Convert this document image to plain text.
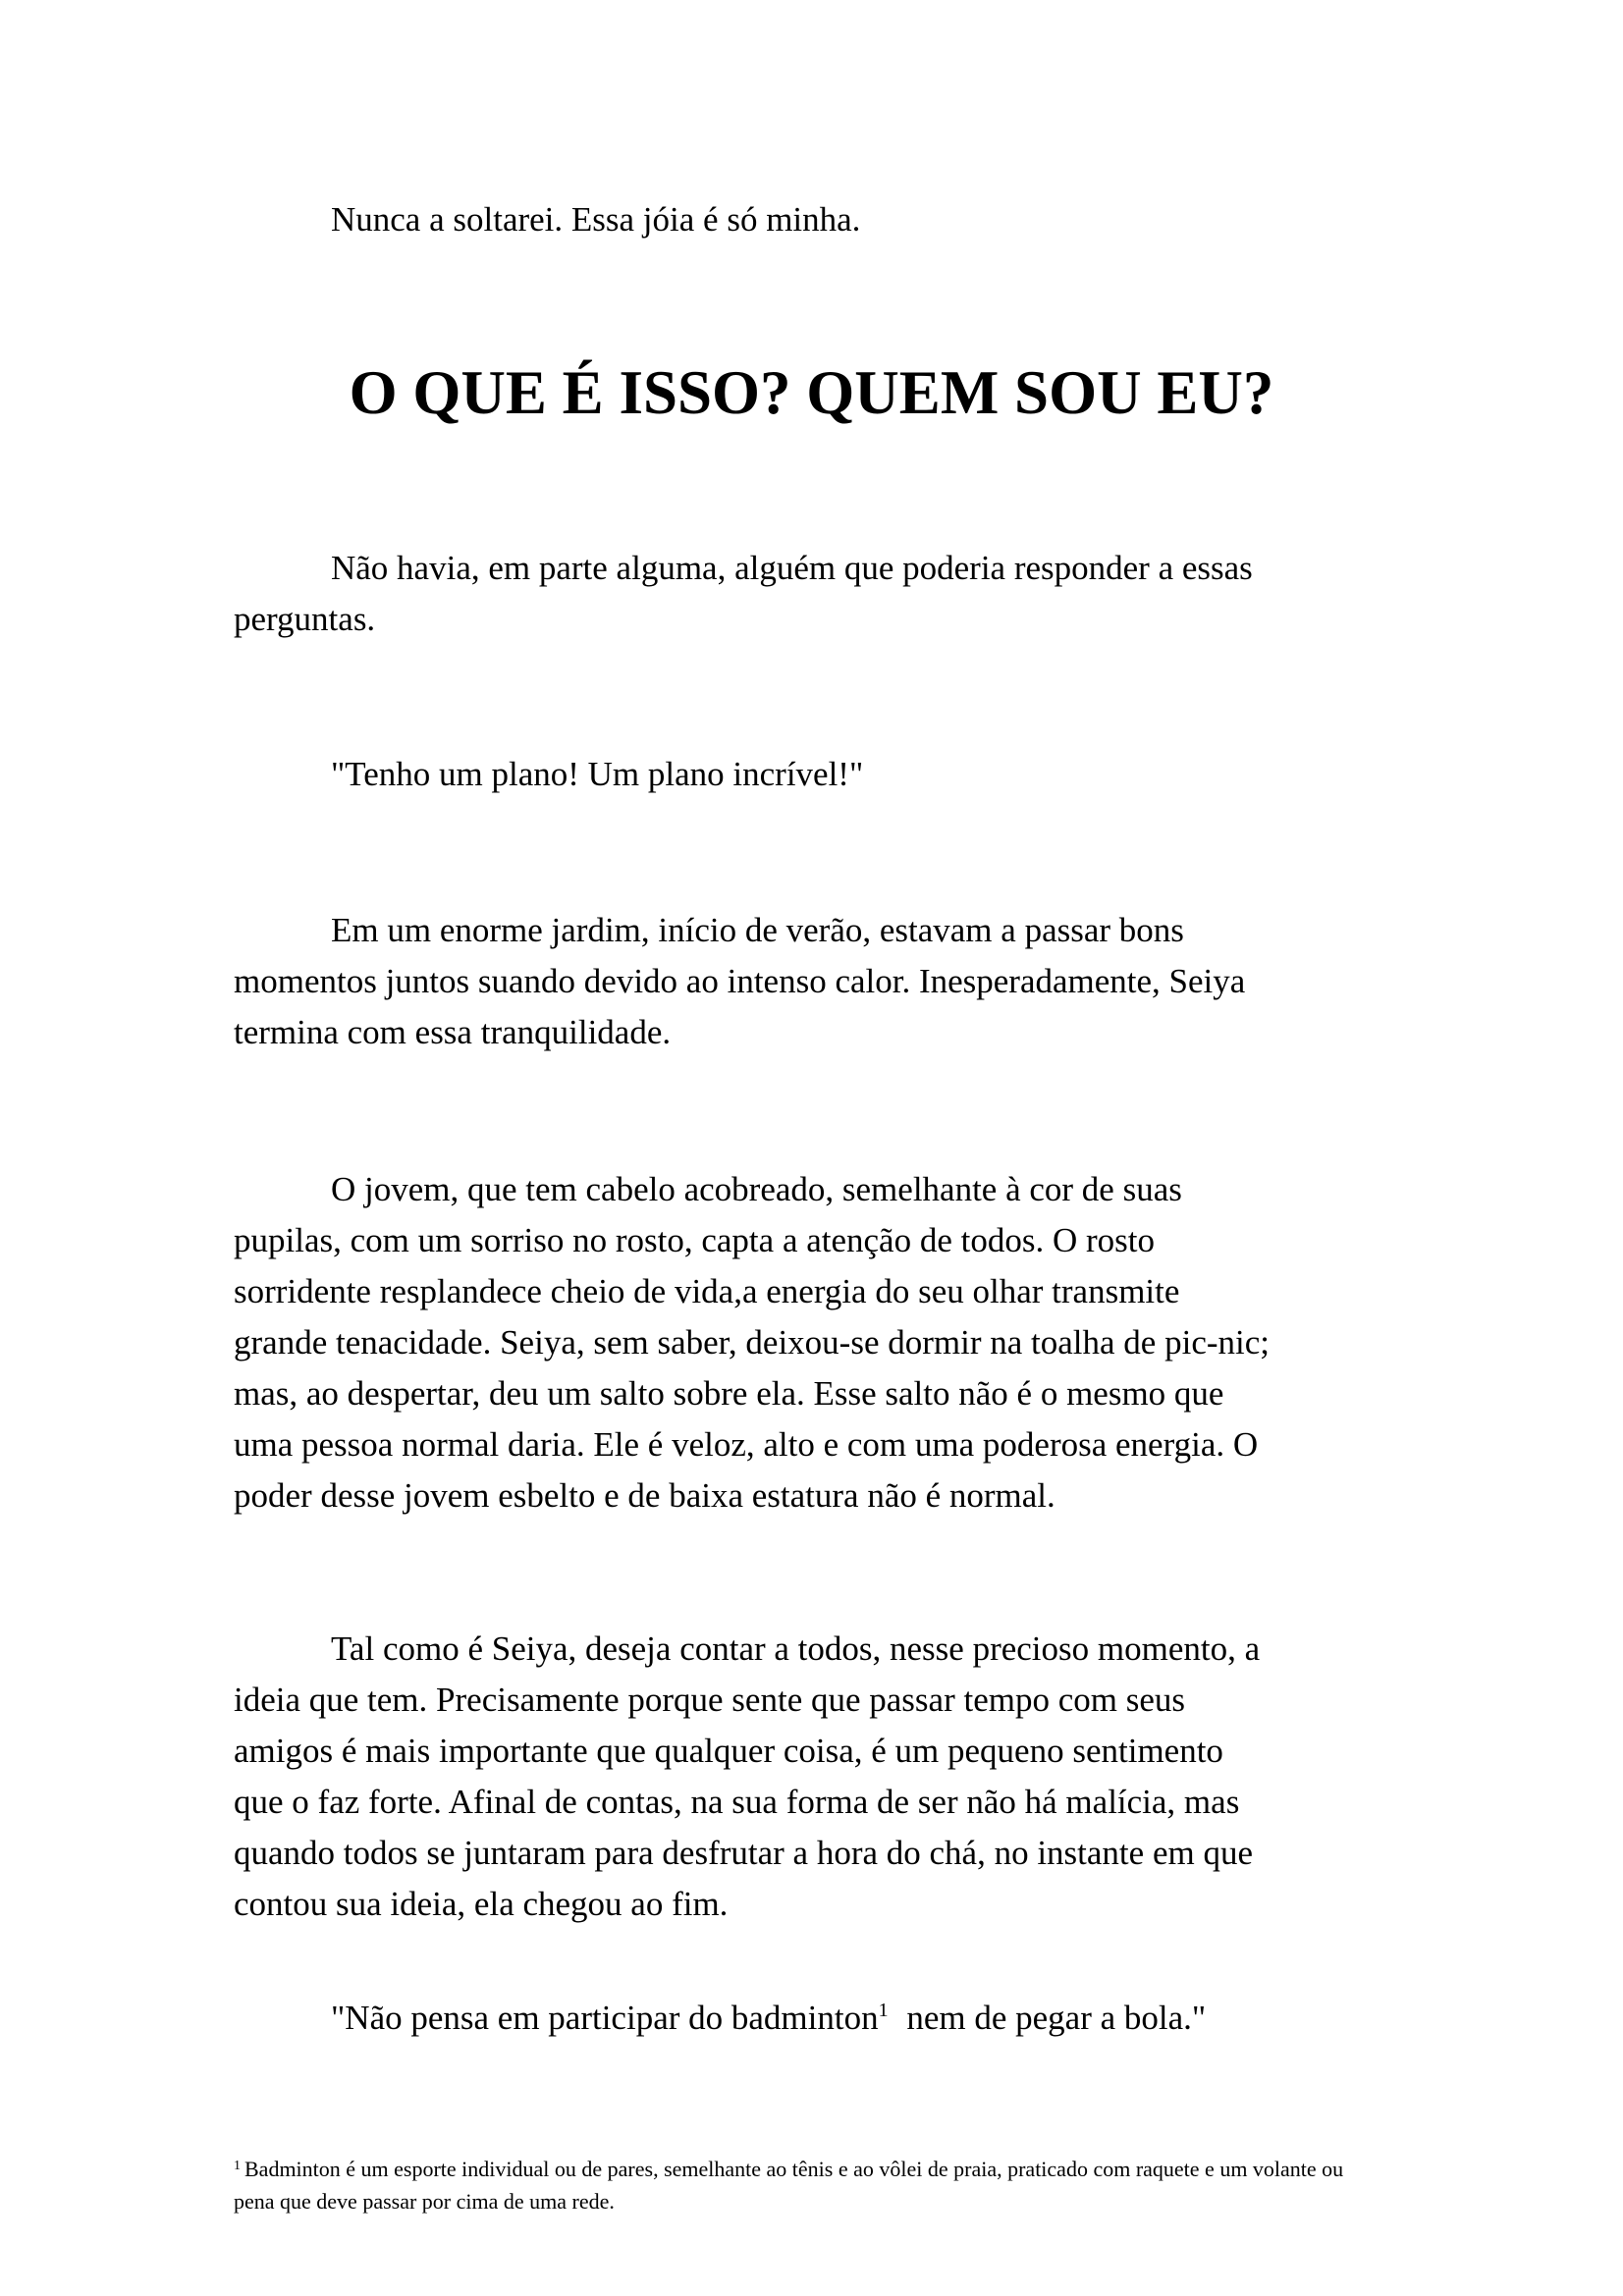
Nunca a soltarei. Essa jóia é só minha.

O QUE É ISSO? QUEM SOU EU?

Não havia, em parte alguma, alguém que poderia responder a essas
perguntas.

"Tenho um plano! Um plano incrível!"

Em um enorme jardim, início de verão, estavam a passar bons
momentos juntos suando devido ao intenso calor. Inesperadamente, Seiya
termina com essa tranquilidade.

O jovem, que tem cabelo acobreado, semelhante à cor de suas
pupilas, com um sorriso no rosto, capta a atenção de todos. O rosto
sorridente resplandece cheio de vida,a energia do seu olhar transmite
grande tenacidade. Seiya, sem saber, deixou-se dormir na toalha de pic-nic;
mas, ao despertar, deu um salto sobre ela. Esse salto não é o mesmo que
uma pessoa normal daria. Ele é veloz, alto e com uma poderosa energia. O
poder desse jovem esbelto e de baixa estatura não é normal.

Tal como é Seiya, deseja contar a todos, nesse precioso momento, a
ideia que tem. Precisamente porque sente que passar tempo com seus
amigos é mais importante que qualquer coisa, é um pequeno sentimento
que o faz forte. Afinal de contas, na sua forma de ser não há malícia, mas
quando todos se juntaram para desfrutar a hora do chá, no instante em que
contou sua ideia, ela chegou ao fim.

"Não pensa em participar do badminton$^1$ nem de pegar a bola."

$^1$ Badminton é um esporte individual ou de pares, semelhante ao tênis e ao vôlei de praia, praticado com raquete e um volante ou
pena que deve passar por cima de uma rede.
